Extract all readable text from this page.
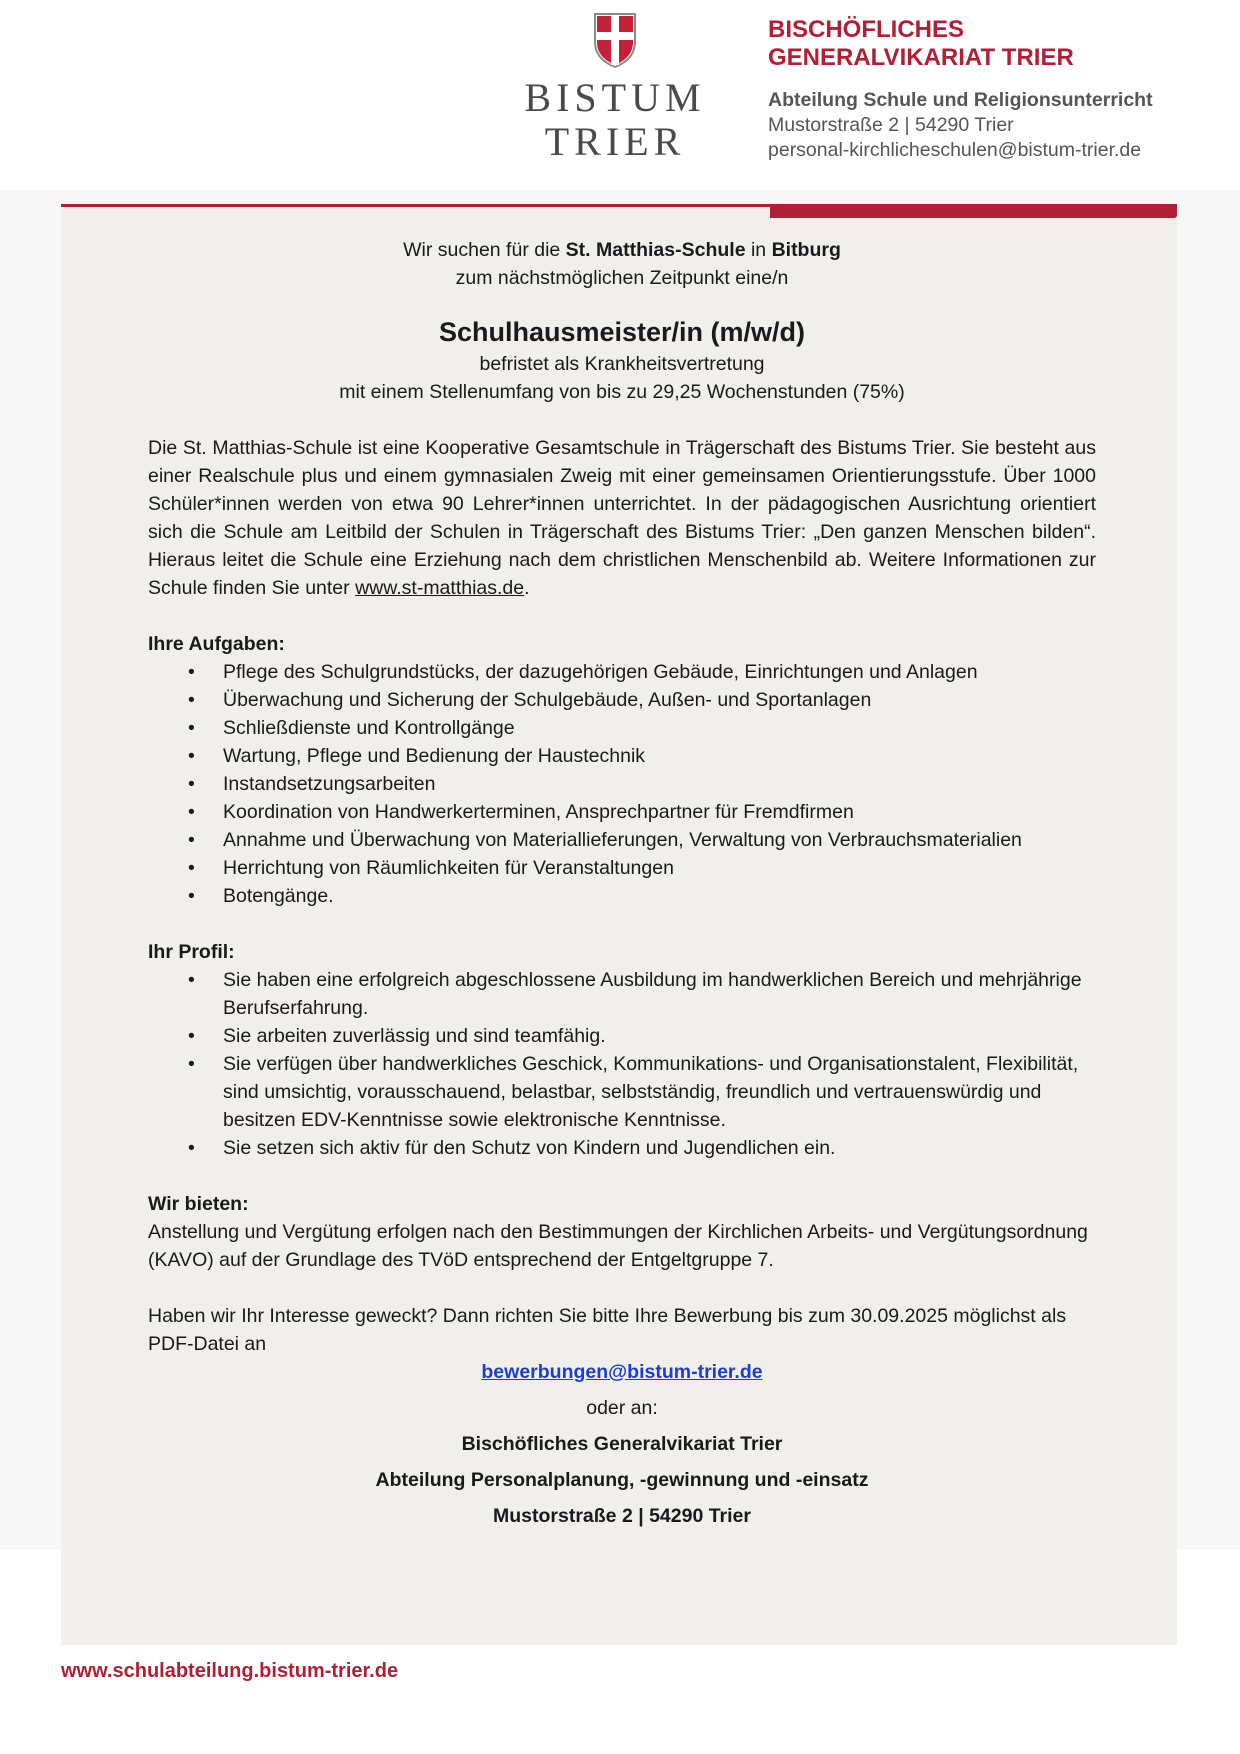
BISTUM
TRIER
BISCHÖFLICHES
GENERALVIKARIAT TRIER
Abteilung Schule und Religionsunterricht
Mustorstraße 2 | 54290 Trier
personal-kirchlicheschulen@bistum-trier.de

Wir suchen für die St. Matthias-Schule in Bitburg

zum nächstmöglichen Zeitpunkt eine/n

Schulhausmeister/in (m/w/d)
befristet als Krankheitsvertretung
mit einem Stellenumfang von bis zu 29,25 Wochenstunden (75%)

Die St. Matthias-Schule ist eine Kooperative Gesamtschule in Trägerschaft des Bistums Trier. Sie besteht aus einer Realschule plus und einem gymnasialen Zweig mit einer gemeinsamen Orientierungsstufe. Über 1000 Schüler*innen werden von etwa 90 Lehrer*innen unterrichtet. In der pädagogischen Ausrichtung orientiert sich die Schule am Leitbild der Schulen in Trägerschaft des Bistums Trier: „Den ganzen Menschen bilden“. Hieraus leitet die Schule eine Erziehung nach dem christlichen Menschenbild ab. Weitere Informationen zur Schule finden Sie unter www.st-matthias.de.

Ihre Aufgaben:
• Pflege des Schulgrundstücks, der dazugehörigen Gebäude, Einrichtungen und Anlagen
• Überwachung und Sicherung der Schulgebäude, Außen- und Sportanlagen
• Schließdienste und Kontrollgänge
• Wartung, Pflege und Bedienung der Haustechnik
• Instandsetzungsarbeiten
• Koordination von Handwerkerterminen, Ansprechpartner für Fremdfirmen
• Annahme und Überwachung von Materiallieferungen, Verwaltung von Verbrauchsmaterialien
• Herrichtung von Räumlichkeiten für Veranstaltungen
• Botengänge.
Ihr Profil:
• Sie haben eine erfolgreich abgeschlossene Ausbildung im handwerklichen Bereich und mehrjährige Berufserfahrung.
• Sie arbeiten zuverlässig und sind teamfähig.
• Sie verfügen über handwerkliches Geschick, Kommunikations- und Organisationstalent, Flexibilität, sind umsichtig, vorausschauend, belastbar, selbstständig, freundlich und vertrauenswürdig und besitzen EDV-Kenntnisse sowie elektronische Kenntnisse.
• Sie setzen sich aktiv für den Schutz von Kindern und Jugendlichen ein.
Wir bieten:

Anstellung und Vergütung erfolgen nach den Bestimmungen der Kirchlichen Arbeits- und Vergütungsordnung (KAVO) auf der Grundlage des TVöD entsprechend der Entgeltgruppe 7.

Haben wir Ihr Interesse geweckt? Dann richten Sie bitte Ihre Bewerbung bis zum 30.09.2025 möglichst als PDF-Datei an

bewerbungen@bistum-trier.de
oder an:
Bischöfliches Generalvikariat Trier
Abteilung Personalplanung, -gewinnung und -einsatz
Mustorstraße 2 | 54290 Trier
www.schulabteilung.bistum-trier.de
